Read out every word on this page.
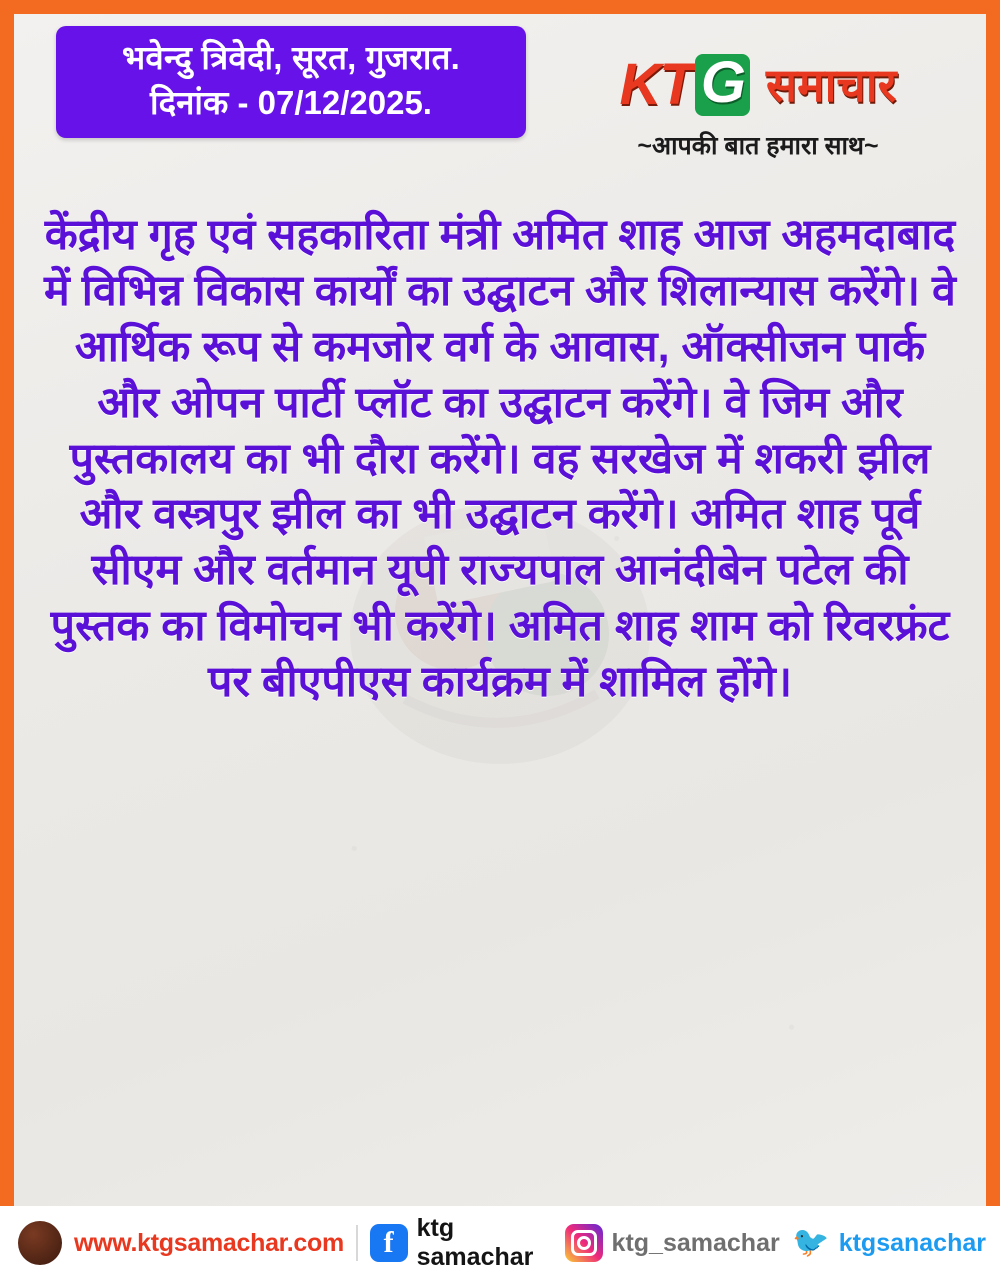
भवेन्दु त्रिवेदी, सूरत, गुजरात.
दिनांक - 07/12/2025.	K T G समाचार
~आपकी बात हमारा साथ~
केंद्रीय गृह एवं सहकारिता मंत्री अमित शाह आज अहमदाबाद में विभिन्न विकास कार्यों का उद्घाटन और शिलान्यास करेंगे। वे आर्थिक रूप से कमजोर वर्ग के आवास, ऑक्सीजन पार्क और ओपन पार्टी प्लॉट का उद्घाटन करेंगे। वे जिम और पुस्तकालय का भी दौरा करेंगे। वह सरखेज में शकरी झील और वस्त्रपुर झील का भी उद्घाटन करेंगे। अमित शाह पूर्व सीएम और वर्तमान यूपी राज्यपाल आनंदीबेन पटेल की पुस्तक का विमोचन भी करेंगे। अमित शाह शाम को रिवरफ्रंट पर बीएपीएस कार्यक्रम में शामिल होंगे।
www.ktgsamachar.com	f ktg samachar
ktg_samachar 🐦 ktgsanachar
